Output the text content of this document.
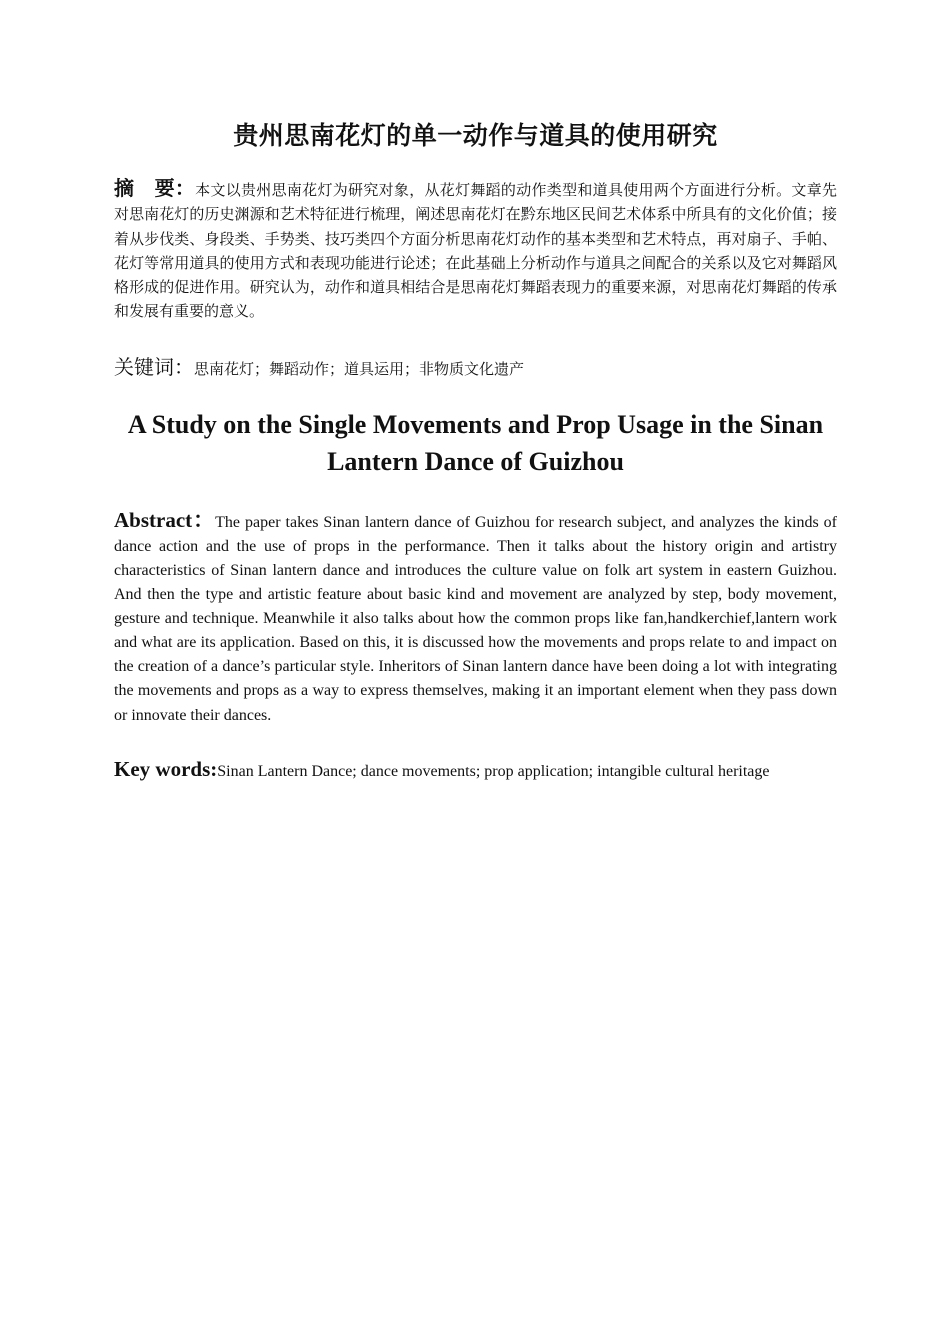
贵州思南花灯的单一动作与道具的使用研究

摘　要：本文以贵州思南花灯为研究对象，从花灯舞蹈的动作类型和道具使用两个方面进行分析。文章先对思南花灯的历史渊源和艺术特征进行梳理，阐述思南花灯在黔东地区民间艺术体系中所具有的文化价值；接着从步伐类、身段类、手势类、技巧类四个方面分析思南花灯动作的基本类型和艺术特点，再对扇子、手帕、花灯等常用道具的使用方式和表现功能进行论述；在此基础上分析动作与道具之间配合的关系以及它对舞蹈风格形成的促进作用。研究认为，动作和道具相结合是思南花灯舞蹈表现力的重要来源，对思南花灯舞蹈的传承和发展有重要的意义。

关键词：思南花灯；舞蹈动作；道具运用；非物质文化遗产

A Study on the Single Movements and Prop Usage in the Sinan Lantern Dance of Guizhou

Abstract：The paper takes Sinan lantern dance of Guizhou for research subject, and analyzes the kinds of dance action and the use of props in the performance. Then it talks about the history origin and artistry characteristics of Sinan lantern dance and introduces the culture value on folk art system in eastern Guizhou. And then the type and artistic feature about basic kind and movement are analyzed by step, body movement, gesture and technique. Meanwhile it also talks about how the common props like fan,handkerchief,lantern work and what are its application. Based on this, it is discussed how the movements and props relate to and impact on the creation of a dance’s particular style. Inheritors of Sinan lantern dance have been doing a lot with integrating the movements and props as a way to express themselves, making it an important element when they pass down or innovate their dances.

Key words:Sinan Lantern Dance; dance movements; prop application; intangible cultural heritage
